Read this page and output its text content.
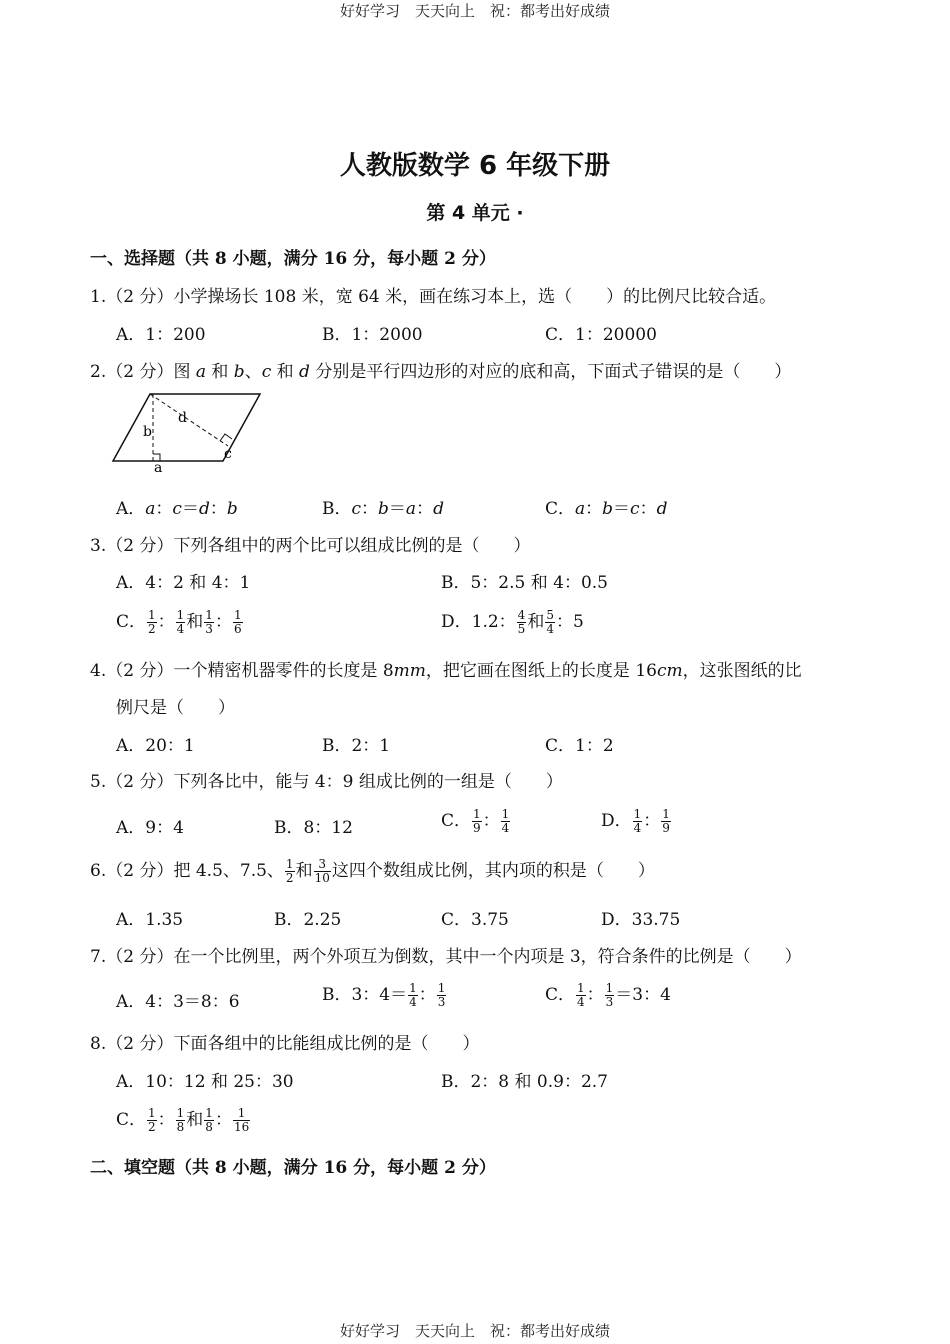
好好学习　天天向上　祝：都考出好成绩
人教版数学 6 年级下册
第 4 单元 ·
一、选择题（共 8 小题，满分 16 分，每小题 2 分）
1.（2 分）小学操场长 108 米，宽 64 米，画在练习本上，选（　　）的比例尺比较合适。
A．1：200	B．1：2000	C．1：20000
2.（2 分）图 a 和 b、c 和 d 分别是平行四边形的对应的底和高，下面式子错误的是（　　）
a
b
d
c
A．a：c＝d：b	B．c：b＝a：d	C．a：b＝c：d
3.（2 分）下列各组中的两个比可以组成比例的是（　　）
A．4：2 和 4：1	B．5：2.5 和 4：0.5
C． $\frac{1}{2}$ ： $\frac{1}{4}$ 和 $\frac{1}{3}$ ： $\frac{1}{6}$	D．1.2： $\frac{4}{5}$ 和 $\frac{5}{4}$ ：5
4.（2 分）一个精密机器零件的长度是 8mm，把它画在图纸上的长度是 16cm，这张图纸的比
例尺是（　　）
A．20：1	B．2：1	C．1：2
5.（2 分）下列各比中，能与 4：9 组成比例的一组是（　　）
A．9：4	B．8：12	C． $\frac{1}{9}$ ： $\frac{1}{4}$	D． $\frac{1}{4}$ ： $\frac{1}{9}$
6.（2 分）把 4.5、7.5、 $\frac{1}{2}$ 和 $\frac{3}{10}$ 这四个数组成比例，其内项的积是（　　）
A．1.35	B．2.25	C．3.75	D．33.75
7.（2 分）在一个比例里，两个外项互为倒数，其中一个内项是 3，符合条件的比例是（　　）
A．4：3＝8：6	B．3：$4= \frac{1}{4}$ ： $\frac{1}{3}$	C． $\frac{1}{4}$ ： $\frac{1}{3} =3$：4
8.（2 分）下面各组中的比能组成比例的是（　　）
A．10：12 和 25：30	B．2：8 和 0.9：2.7
C． $\frac{1}{2}$ ： $\frac{1}{8}$ 和 $\frac{1}{8}$ ： $\frac{1}{16}$
二、填空题（共 8 小题，满分 16 分，每小题 2 分）
好好学习　天天向上　祝：都考出好成绩
